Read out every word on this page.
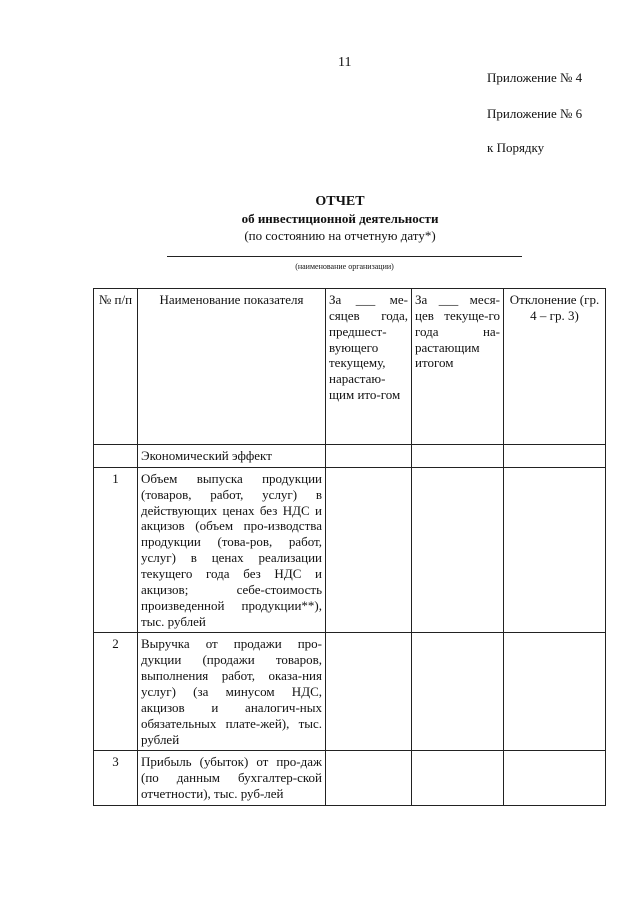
11
Приложение № 4
Приложение № 6
к Порядку
ОТЧЕТ
об инвестиционной деятельности
(по состоянию на отчетную дату*)
(наименование организации)
№ п/п	Наименование показателя	За ___ ме-сяцев года, предшест-вующего текущему, нарастаю-щим ито-гом	За ___ меся-цев текуще-го года на-растающим итогом	Отклонение (гр. 4 – гр. 3)
	Экономический эффект			
1	Объем выпуска продукции (товаров, работ, услуг) в действующих ценах без НДС и акцизов (объем про-изводства продукции (това-ров, работ, услуг) в ценах реализации текущего года без НДС и акцизов; себе-стоимость произведенной продукции**), тыс. рублей			
2	Выручка от продажи про-дукции (продажи товаров, выполнения работ, оказа-ния услуг) (за минусом НДС, акцизов и аналогич-ных обязательных плате-жей), тыс. рублей			
3	Прибыль (убыток) от про-даж (по данным бухгалтер-ской отчетности), тыс. руб-лей			
